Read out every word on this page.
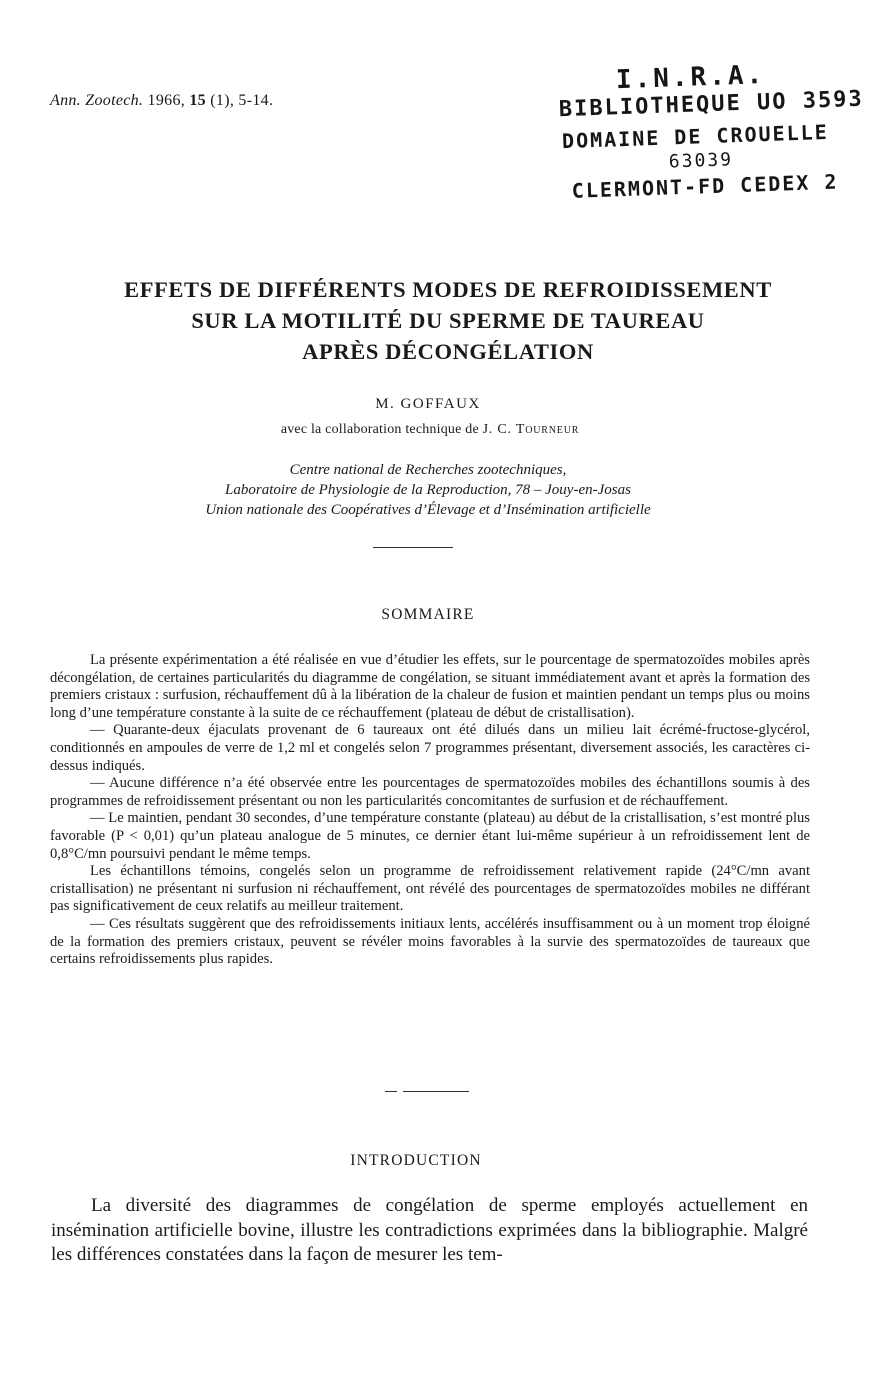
Ann. Zootech. 1966, 15 (1), 5-14.
I.N.R.A.
BIBLIOTHEQUE UO 3593
DOMAINE DE CROUELLE
63039
CLERMONT-FD CEDEX 2
EFFETS DE DIFFÉRENTS MODES DE REFROIDISSEMENT
SUR LA MOTILITÉ DU SPERME DE TAUREAU
APRÈS DÉCONGÉLATION
M. GOFFAUX
avec la collaboration technique de J. C. Tourneur
Centre national de Recherches zootechniques,
Laboratoire de Physiologie de la Reproduction, 78 – Jouy-en-Josas
Union nationale des Coopératives d’Élevage et d’Insémination artificielle
SOMMAIRE

La présente expérimentation a été réalisée en vue d’étudier les effets, sur le pourcentage de spermatozoïdes mobiles après décongélation, de certaines particularités du diagramme de congélation, se situant immédiatement avant et après la formation des premiers cristaux : surfusion, réchauffement dû à la libération de la chaleur de fusion et maintien pendant un temps plus ou moins long d’une température constante à la suite de ce réchauffement (plateau de début de cristallisation).

— Quarante-deux éjaculats provenant de 6 taureaux ont été dilués dans un milieu lait écrémé-fructose-glycérol, conditionnés en ampoules de verre de 1,2 ml et congelés selon 7 programmes présentant, diversement associés, les caractères ci-dessus indiqués.

— Aucune différence n’a été observée entre les pourcentages de spermatozoïdes mobiles des échantillons soumis à des programmes de refroidissement présentant ou non les particularités concomitantes de surfusion et de réchauffement.

— Le maintien, pendant 30 secondes, d’une température constante (plateau) au début de la cristallisation, s’est montré plus favorable (P < 0,01) qu’un plateau analogue de 5 minutes, ce dernier étant lui-même supérieur à un refroidissement lent de 0,8°C/mn poursuivi pendant le même temps.

Les échantillons témoins, congelés selon un programme de refroidissement relativement rapide (24°C/mn avant cristallisation) ne présentant ni surfusion ni réchauffement, ont révélé des pourcentages de spermatozoïdes mobiles ne différant pas significativement de ceux relatifs au meilleur traitement.

— Ces résultats suggèrent que des refroidissements initiaux lents, accélérés insuffisamment ou à un moment trop éloigné de la formation des premiers cristaux, peuvent se révéler moins favorables à la survie des spermatozoïdes de taureaux que certains refroidissements plus rapides.

INTRODUCTION

La diversité des diagrammes de congélation de sperme employés actuellement en insémination artificielle bovine, illustre les contradictions exprimées dans la bibliographie. Malgré les différences constatées dans la façon de mesurer les tem-
